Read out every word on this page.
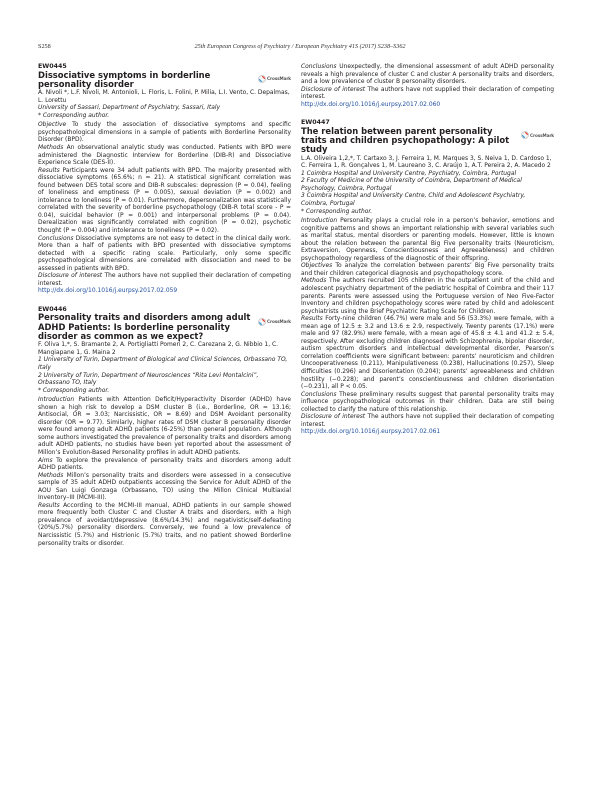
S258	25th European Congress of Psychiatry / European Psychiatry 41S (2017) S238–S362

EW0445

Dissociative symptoms in borderline personality disorder

CrossMark

A. Nivoli *, L.F. Nivoli, M. Antonioli, L. Floris, L. Folini, P. Milia, L.I. Vento, C. Depalmas, L. Lorettu

University of Sassari, Department of Psychiatry, Sassari, Italy

* Corresponding author.

Objective To study the association of dissociative symptoms and specific psychopathological dimensions in a sample of patients with Borderline Personality Disorder (BPD).

Methods An observational analytic study was conducted. Patients with BPD were administered the Diagnostic Interview for Borderline (DIB-R) and Dissociative Experience Scale (DES-II).

Results Participants were 34 adult patients with BPD. The majority presented with dissociative symptoms (65.6%; n = 21). A statistical significant correlation was found between DES total score and DIB-R subscales: depression (P = 0.04), feeling of loneliness and emptiness (P = 0.005), sexual deviation (P = 0.002) and intolerance to loneliness (P = 0.01). Furthermore, depersonalization was statistically correlated with the severity of borderline psychopathology (DIB-R total score - P = 0.04), suicidal behavior (P = 0.001) and interpersonal problems (P = 0.04). Derealization was significantly correlated with cognition (P = 0.02), psychotic thought (P = 0.004) and intolerance to loneliness (P = 0.02).

Conclusions Dissociative symptoms are not easy to detect in the clinical daily work. More than a half of patients with BPD presented with dissociative symptoms detected with a specific rating scale. Particularly, only some specific psychopathological dimensions are correlated with dissociation and need to be assessed in patients with BPD.

Disclosure of interest The authors have not supplied their declaration of competing interest.

http://dx.doi.org/10.1016/j.eurpsy.2017.02.059

EW0446

Personality traits and disorders among adult ADHD Patients: Is borderline personality disorder as common as we expect?

CrossMark

F. Oliva 1,*, S. Bramante 2, A. Portigliatti Pomeri 2, C. Carezana 2, G. Nibbio 1, C. Mangiapane 1, G. Maina 2

1 University of Turin, Department of Biological and Clinical Sciences, Orbassano TO, Italy

2 University of Turin, Department of Neurosciences “Rita Levi Montalcini”, Orbassano TO, Italy

* Corresponding author.

Introduction Patients with Attention Deficit/Hyperactivity Disorder (ADHD) have shown a high risk to develop a DSM cluster B (i.e., Borderline, OR = 13.16; Antisocial, OR = 3.03; Narcissistic, OR = 8.69) and DSM Avoidant personality disorder (OR = 9.77). Similarly, higher rates of DSM cluster B personality disorder were found among adult ADHD patients (6-25%) than general population. Although some authors investigated the prevalence of personality traits and disorders among adult ADHD patients, no studies have been yet reported about the assessment of Millon’s Evolution-Based Personality profiles in adult ADHD patients.

Aims To explore the prevalence of personality traits and disorders among adult ADHD patients.

Methods Millon’s personality traits and disorders were assessed in a consecutive sample of 35 adult ADHD outpatients accessing the Service for Adult ADHD of the AOU San Luigi Gonzaga (Orbassano, TO) using the Millon Clinical Multiaxial Inventory–III (MCMI-III).

Results According to the MCMI-III manual, ADHD patients in our sample showed more frequently both Cluster C and Cluster A traits and disorders, with a high prevalence of avoidant/depressive (8.6%/14.3%) and negativistic/self-defeating (20%/5.7%) personality disorders. Conversely, we found a low prevalence of Narcissistic (5.7%) and Histrionic (5.7%) traits, and no patient showed Borderline personality traits or disorder.

Conclusions Unexpectedly, the dimensional assessment of adult ADHD personality reveals a high prevalence of cluster C and cluster A personality traits and disorders, and a low prevalence of cluster B personality disorders.

Disclosure of interest The authors have not supplied their declaration of competing interest.

http://dx.doi.org/10.1016/j.eurpsy.2017.02.060

EW0447

The relation between parent personality traits and children psychopathology: A pilot study

CrossMark

L.A. Oliveira 1,2,*, T. Cartaxo 3, J. Ferreira 1, M. Marques 3, S. Neiva 1, D. Cardoso 1, C. Ferreira 1, R. Gonçalves 1, M. Laureano 3, C. Araújo 1, A.T. Pereira 2, A. Macedo 2

1 Coimbra Hospital and University Centre, Psychiatry, Coimbra, Portugal

2 Faculty of Medicine of the University of Coimbra, Department of Medical Psychology, Coimbra, Portugal

3 Coimbra Hospital and University Centre, Child and Adolescent Psychiatry, Coimbra, Portugal

* Corresponding author.

Introduction Personality plays a crucial role in a person’s behavior, emotions and cognitive patterns and shows an important relationship with several variables such as marital status, mental disorders or parenting models. However, little is known about the relation between the parental Big Five personality traits (Neuroticism, Extraversion, Openness, Conscientiousness and Agreeableness) and children psychopathology regardless of the diagnostic of their offspring.

Objectives To analyze the correlation between parents’ Big Five personality traits and their children categorical diagnosis and psychopathology score.

Methods The authors recruited 105 children in the outpatient unit of the child and adolescent psychiatry department of the pediatric hospital of Coimbra and their 117 parents. Parents were assessed using the Portuguese version of Neo Five-Factor Inventory and children psychopathology scores were rated by child and adolescent psychiatrists using the Brief Psychiatric Rating Scale for Children.

Results Forty-nine children (46.7%) were male and 56 (53.3%) were female, with a mean age of 12.5 ± 3.2 and 13.6 ± 2.9, respectively. Twenty parents (17.1%) were male and 97 (82.9%) were female, with a mean age of 45.8 ± 4.1 and 41.2 ± 5.4, respectively. After excluding children diagnosed with Schizophrenia, bipolar disorder, autism spectrum disorders and intellectual developmental disorder, Pearson’s correlation coefficients were significant between: parents’ neuroticism and children Uncooperativeness (0.211), Manipulativeness (0.238), Hallucinations (0.257), Sleep difficulties (0.296) and Disorientation (0.204); parents’ agreeableness and children hostility (−0.228); and parent’s conscientiousness and children disorientation (−0.231), all P < 0.05.

Conclusions These preliminary results suggest that parental personality traits may influence psychopathological outcomes in their children. Data are still being collected to clarify the nature of this relationship.

Disclosure of interest The authors have not supplied their declaration of competing interest.

http://dx.doi.org/10.1016/j.eurpsy.2017.02.061
